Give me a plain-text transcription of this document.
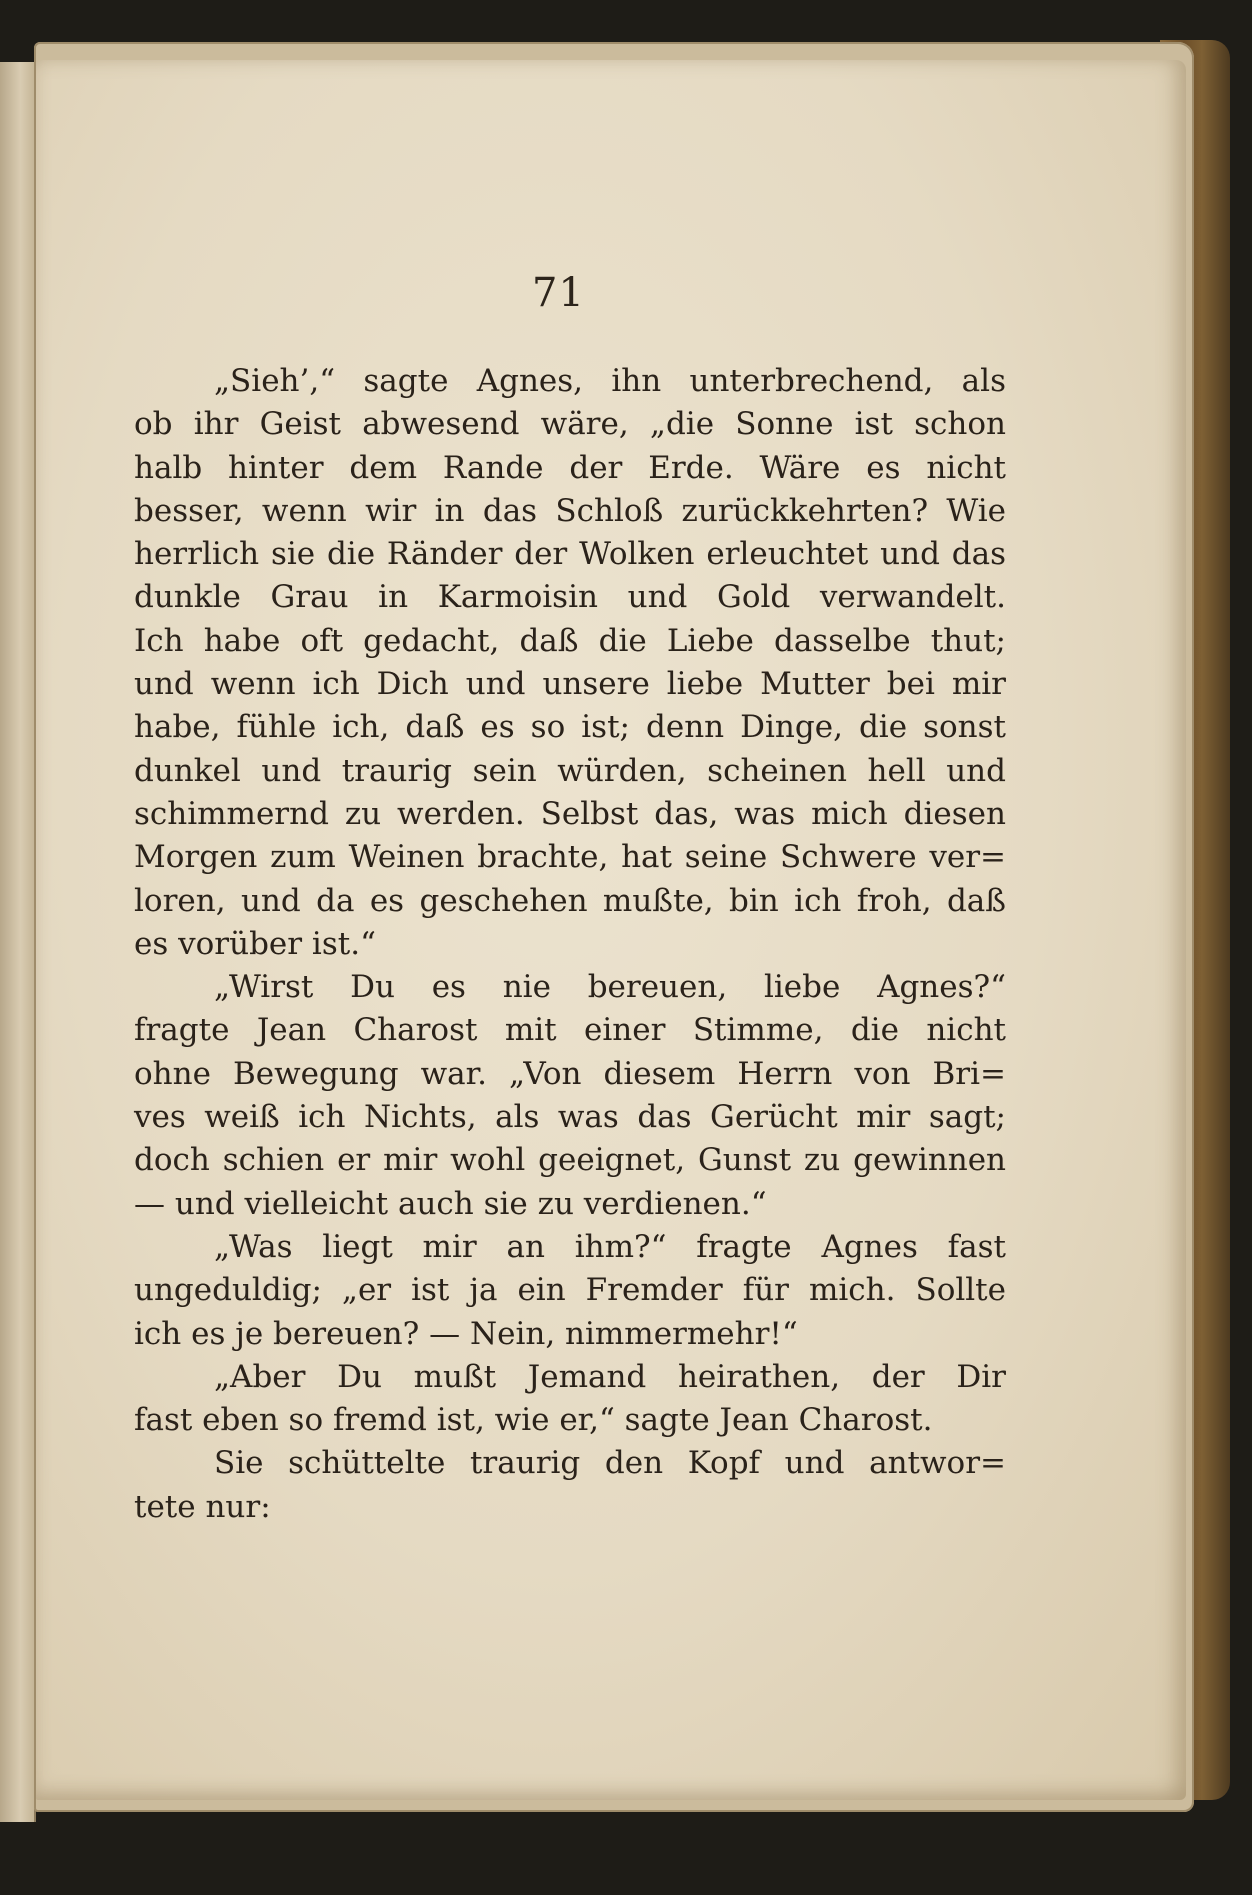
71
„Sieh’,“ sagte Agnes, ihn unterbrechend, als
ob ihr Geist abwesend wäre, „die Sonne ist schon
halb hinter dem Rande der Erde. Wäre es nicht
besser, wenn wir in das Schloß zurückkehrten? Wie
herrlich sie die Ränder der Wolken erleuchtet und das
dunkle Grau in Karmoisin und Gold verwandelt.
Ich habe oft gedacht, daß die Liebe dasselbe thut;
und wenn ich Dich und unsere liebe Mutter bei mir
habe, fühle ich, daß es so ist; denn Dinge, die sonst
dunkel und traurig sein würden, scheinen hell und
schimmernd zu werden. Selbst das, was mich diesen
Morgen zum Weinen brachte, hat seine Schwere ver=
loren, und da es geschehen mußte, bin ich froh, daß
es vorüber ist.“
„Wirst Du es nie bereuen, liebe Agnes?“
fragte Jean Charost mit einer Stimme, die nicht
ohne Bewegung war. „Von diesem Herrn von Bri=
ves weiß ich Nichts, als was das Gerücht mir sagt;
doch schien er mir wohl geeignet, Gunst zu gewinnen
— und vielleicht auch sie zu verdienen.“
„Was liegt mir an ihm?“ fragte Agnes fast
ungeduldig; „er ist ja ein Fremder für mich. Sollte
ich es je bereuen? — Nein, nimmermehr!“
„Aber Du mußt Jemand heirathen, der Dir
fast eben so fremd ist, wie er,“ sagte Jean Charost.
Sie schüttelte traurig den Kopf und antwor=
tete nur:
